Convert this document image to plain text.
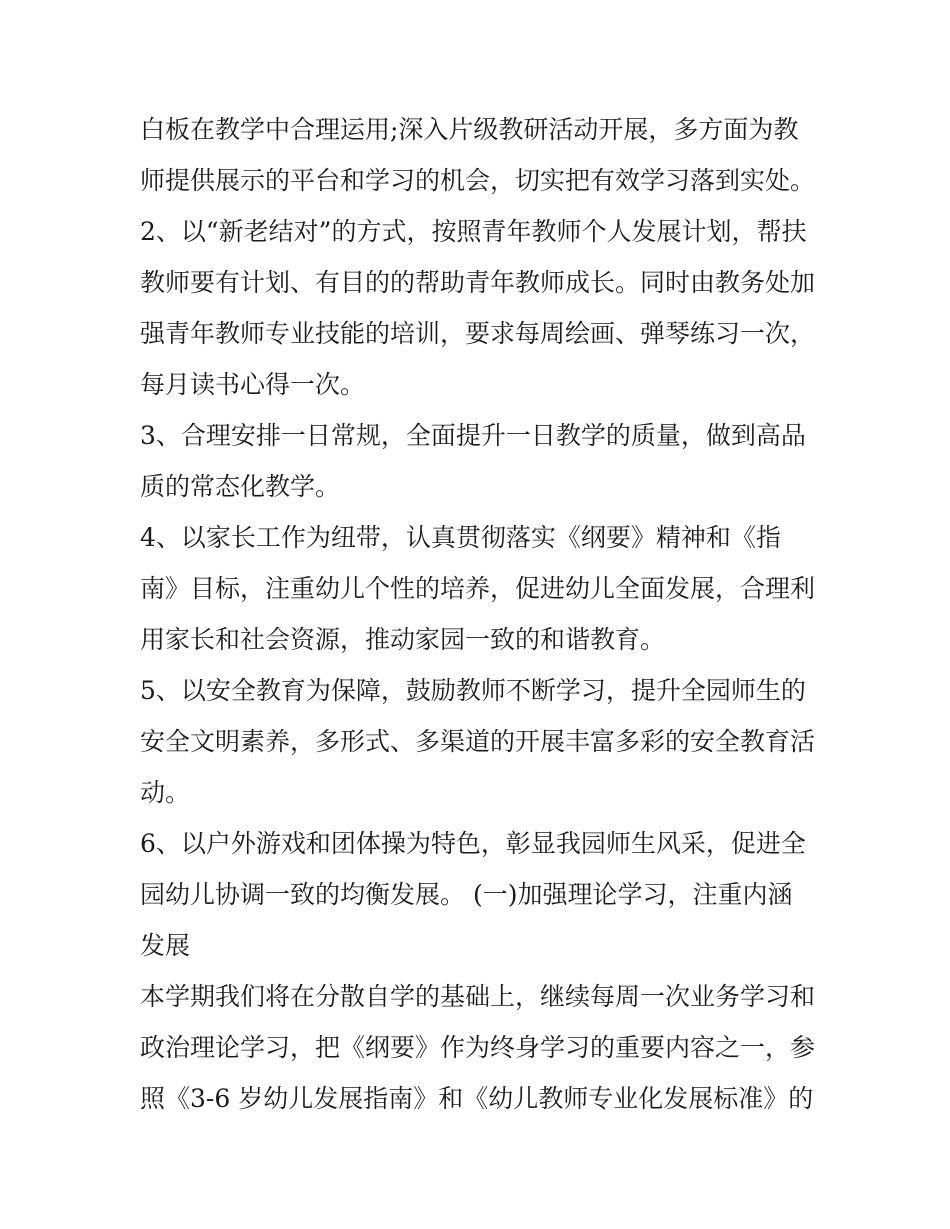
白板在教学中合理运用;深入片级教研活动开展，多方面为教
师提供展示的平台和学习的机会，切实把有效学习落到实处。
2、以“新老结对”的方式，按照青年教师个人发展计划，帮扶
教师要有计划、有目的的帮助青年教师成长。同时由教务处加
强青年教师专业技能的培训，要求每周绘画、弹琴练习一次，
每月读书心得一次。
3、合理安排一日常规，全面提升一日教学的质量，做到高品
质的常态化教学。
4、以家长工作为纽带，认真贯彻落实《纲要》精神和《指
南》目标，注重幼儿个性的培养，促进幼儿全面发展，合理利
用家长和社会资源，推动家园一致的和谐教育。
5、以安全教育为保障，鼓励教师不断学习，提升全园师生的
安全文明素养，多形式、多渠道的开展丰富多彩的安全教育活
动。
6、以户外游戏和团体操为特色，彰显我园师生风采，促进全
园幼儿协调一致的均衡发展。 (一)加强理论学习，注重内涵
发展
本学期我们将在分散自学的基础上，继续每周一次业务学习和
政治理论学习，把《纲要》作为终身学习的重要内容之一，参
照《3-6 岁幼儿发展指南》和《幼儿教师专业化发展标准》的
